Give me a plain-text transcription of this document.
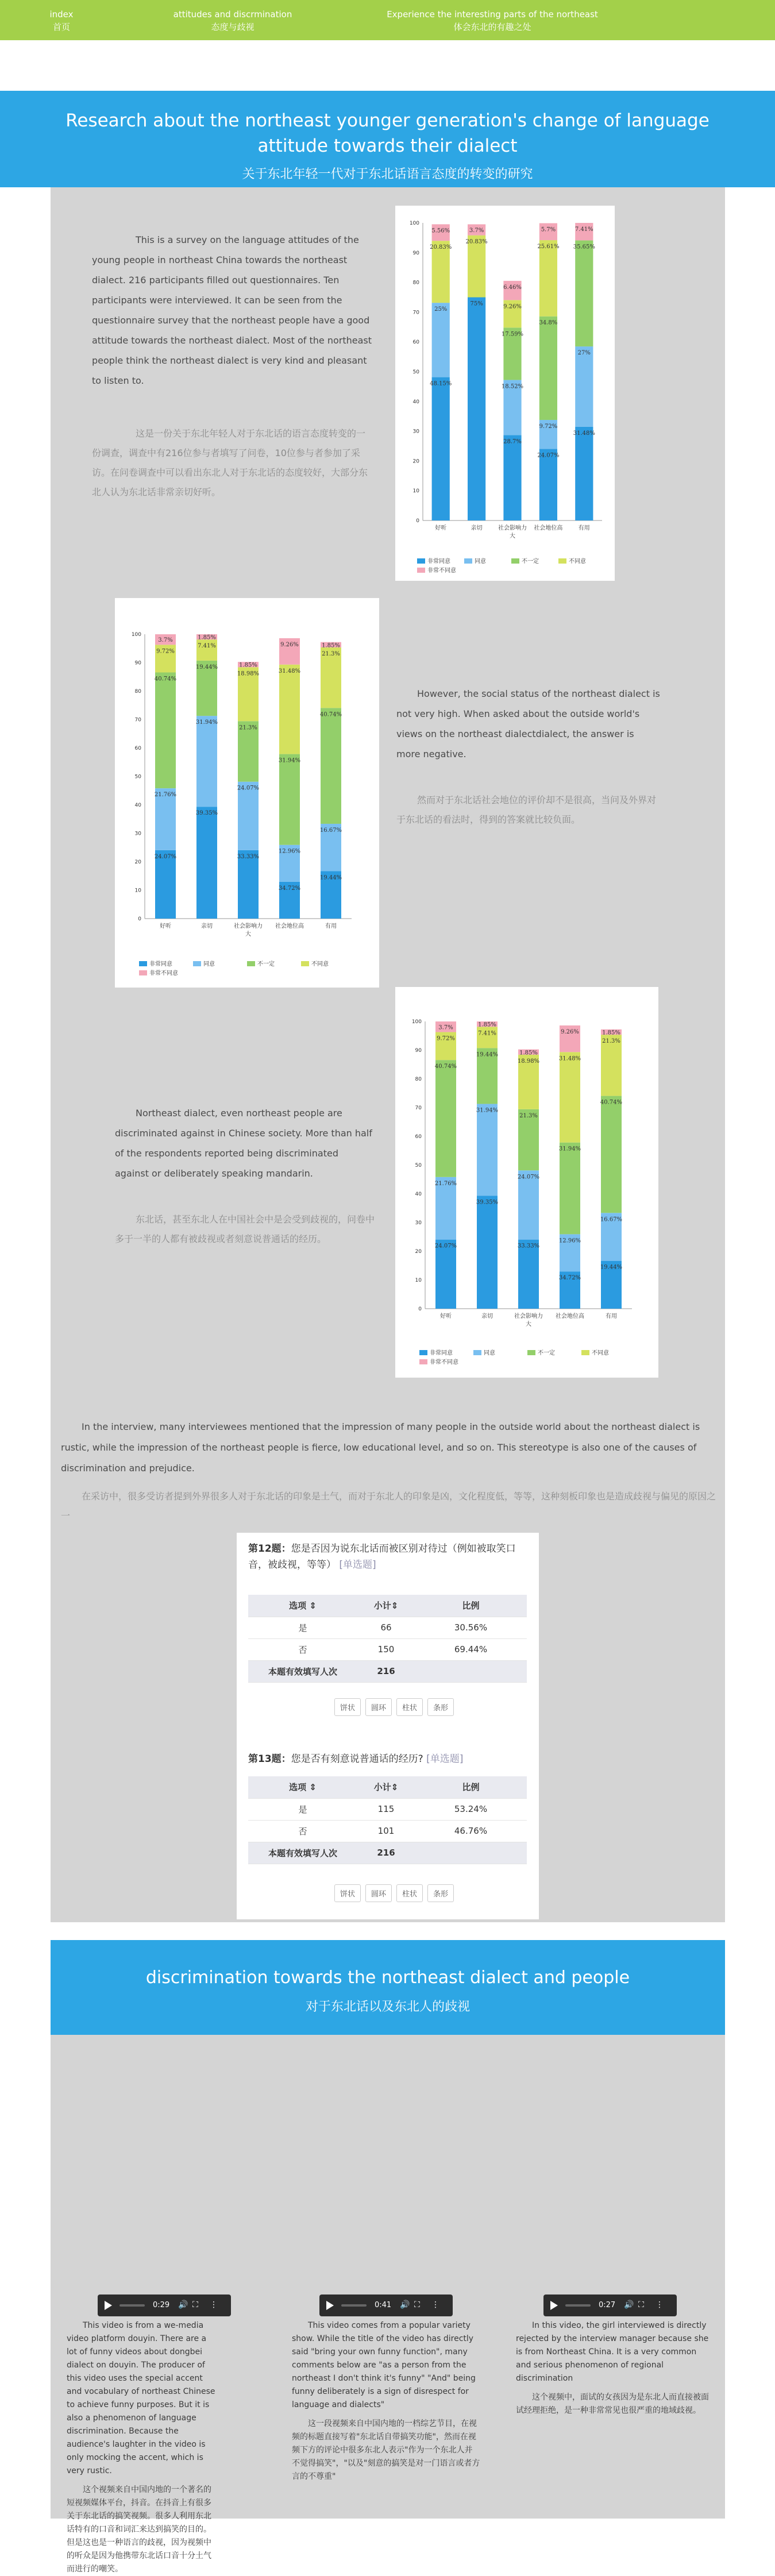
index
首页
attitudes and discrmination
态度与歧视
Experience the interesting parts of the northeast
体会东北的有趣之处
Research about the northeast younger generation's change of language attitude towards their dialect
关于东北年轻一代对于东北话语言态度的转变的研究
This is a survey on the language attitudes of the young people in northeast China towards the northeast dialect. 216 participants filled out questionnaires. Ten participants were interviewed. It can be seen from the questionnaire survey that the northeast people have a good attitude towards the northeast dialect. Most of the northeast people think the northeast dialect is very kind and pleasant to listen to.
这是一份关于东北年轻人对于东北话的语言态度转变的一份调查，调查中有216位参与者填写了问卷，10位参与者参加了采访。在问卷调查中可以看出东北人对于东北话的态度较好，大部分东北人认为东北话非常亲切好听。
0
10
20
30
40
50
60
70
80
90
100
48.15%
25%
20.83%
5.56%
好听
75%
20.83%
3.7%
亲切
28.7%
18.52%
17.59%
9.26%
6.46%
社会影响力
大
24.07%
9.72%
34.8%
25.61%
5.7%
社会地位高
31.48%
27%
35.65%
7.41%
有用
非常同意	同意	不一定	不同意
非常不同意
0
10
20
30
40
50
60
70
80
90
100
24.07%
21.76%
40.74%
9.72%
3.7%
好听
39.35%
31.94%
19.44%
7.41%
1.85%
亲切
33.33%
24.07%
21.3%
18.98%
1.85%
社会影响力
大
34.72%
12.96%
31.94%
31.48%
9.26%
社会地位高
19.44%
16.67%
40.74%
21.3%
1.85%
有用
非常同意	同意	不一定	不同意
非常不同意
However, the social status of the northeast dialect is not very high. When asked about the outside world's views on the northeast dialectdialect, the answer is more negative.
然而对于东北话社会地位的评价却不是很高，当问及外界对于东北话的看法时，得到的答案就比较负面。
0
10
20
30
40
50
60
70
80
90
100
24.07%
21.76%
40.74%
9.72%
3.7%
好听
39.35%
31.94%
19.44%
7.41%
1.85%
亲切
33.33%
24.07%
21.3%
18.98%
1.85%
社会影响力
大
34.72%
12.96%
31.94%
31.48%
9.26%
社会地位高
19.44%
16.67%
40.74%
21.3%
1.85%
有用
非常同意	同意	不一定	不同意
非常不同意
Northeast dialect, even northeast people are discriminated against in Chinese society. More than half of the respondents reported being discriminated against or deliberately speaking mandarin.
东北话，甚至东北人在中国社会中是会受到歧视的，问卷中多于一半的人都有被歧视或者刻意说普通话的经历。
In the interview, many interviewees mentioned that the impression of many people in the outside world about the northeast dialect is rustic, while the impression of the northeast people is fierce, low educational level, and so on. This stereotype is also one of the causes of discrimination and prejudice.
在采访中，很多受访者提到外界很多人对于东北话的印象是土气，而对于东北人的印象是凶，文化程度低，等等，这种刻板印象也是造成歧视与偏见的原因之一
第12题：您是否因为说东北话而被区别对待过（例如被取笑口音，被歧视，等等） [单选题]
选项 ⇕	小计⇕	比例
是	66	30.56%
否	150	69.44%
本题有效填写人次	216	
饼状	圆环	柱状	条形
第13题：您是否有刻意说普通话的经历? [单选题]
选项 ⇕	小计⇕	比例
是	115	53.24%
否	101	46.76%
本题有效填写人次	216	
饼状	圆环	柱状	条形
discrimination towards the northeast dialect and people
对于东北话以及东北人的歧视
0:29 🔊 ⛶ ⋮	0:41 🔊 ⛶ ⋮	0:27 🔊 ⛶ ⋮

This video is from a we-media video platform douyin. There are a lot of funny videos about dongbei dialect on douyin. The producer of this video uses the special accent and vocabulary of northeast Chinese to achieve funny purposes. But it is also a phenomenon of language discrimination. Because the audience's laughter in the video is only mocking the accent, which is very rustic.

这个视频来自中国内地的一个著名的短视频媒体平台，抖音。在抖音上有很多关于东北话的搞笑视频。很多人利用东北话特有的口音和词汇来达到搞笑的目的。但是这也是一种语言的歧视，因为视频中的听众是因为他携带东北话口音十分土气而进行的嘲笑。

This video comes from a popular variety show. While the title of the video has directly said "bring your own funny function", many comments below are "as a person from the northeast I don't think it's funny" "And" being funny deliberately is a sign of disrespect for language and dialects"

这一段视频来自中国内地的一档综艺节目，在视频的标题直接写着"东北话自带搞笑功能"，然而在视频下方的评论中很多东北人表示"作为一个东北人并不觉得搞笑"，"以及"刻意的搞笑是对一门语言或者方言的不尊重"

In this video, the girl interviewed is directly rejected by the interview manager because she is from Northeast China. It is a very common and serious phenomenon of regional discrimination

这个视频中，面试的女孩因为是东北人而直接被面试经理拒绝，是一种非常常见也很严重的地域歧视。
